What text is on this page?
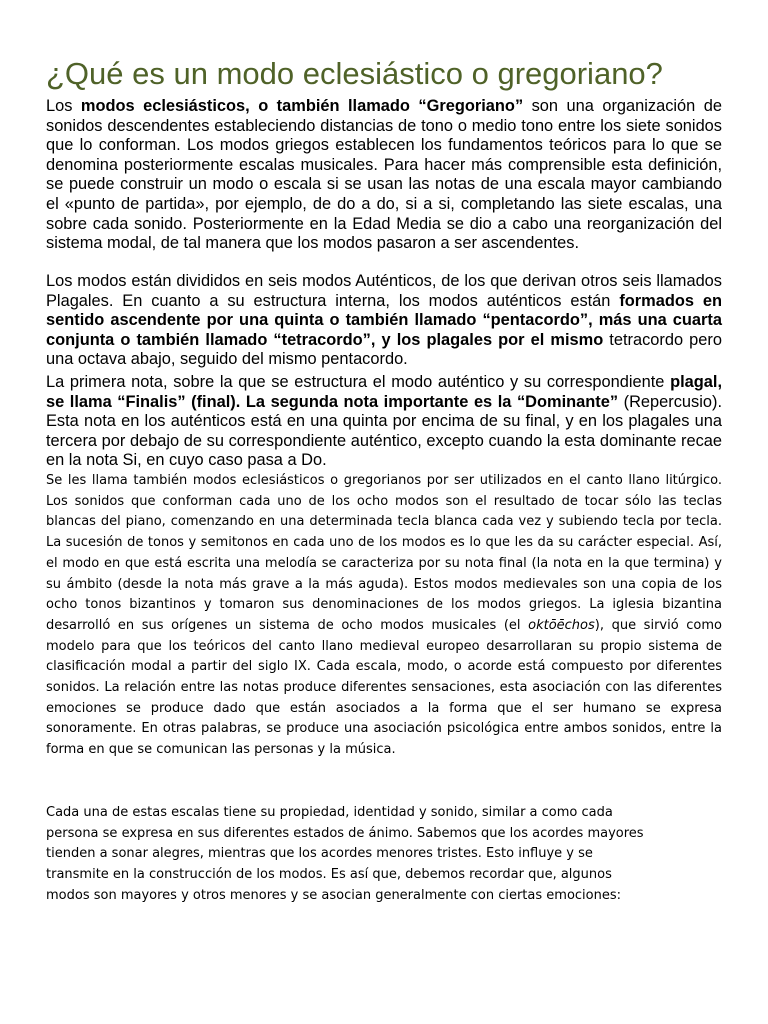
¿Qué es un modo eclesiástico o gregoriano?

Los modos eclesiásticos, o también llamado “Gregoriano” son una organización de sonidos descendentes estableciendo distancias de tono o medio tono entre los siete sonidos que lo conforman. Los modos griegos establecen los fundamentos teóricos para lo que se denomina posteriormente escalas musicales. Para hacer más comprensible esta definición, se puede construir un modo o escala si se usan las notas de una escala mayor cambiando el «punto de partida», por ejemplo, de do a do, si a si, completando las siete escalas, una sobre cada sonido. Posteriormente en la Edad Media se dio a cabo una reorganización del sistema modal, de tal manera que los modos pasaron a ser ascendentes.

Los modos están divididos en seis modos Auténticos, de los que derivan otros seis llamados Plagales. En cuanto a su estructura interna, los modos auténticos están formados en sentido ascendente por una quinta o también llamado “pentacordo”, más una cuarta conjunta o también llamado “tetracordo”, y los plagales por el mismo tetracordo pero una octava abajo, seguido del mismo pentacordo.

La primera nota, sobre la que se estructura el modo auténtico y su correspondiente plagal, se llama “Finalis” (final). La segunda nota importante es la “Dominante” (Repercusio). Esta nota en los auténticos está en una quinta por encima de su final, y en los plagales una tercera por debajo de su correspondiente auténtico, excepto cuando la esta dominante recae en la nota Si, en cuyo caso pasa a Do.

Se les llama también modos eclesiásticos o gregorianos por ser utilizados en el canto llano litúrgico. Los sonidos que conforman cada uno de los ocho modos son el resultado de tocar sólo las teclas blancas del piano, comenzando en una determinada tecla blanca cada vez y subiendo tecla por tecla. La sucesión de tonos y semitonos en cada uno de los modos es lo que les da su carácter especial. Así, el modo en que está escrita una melodía se caracteriza por su nota final (la nota en la que termina) y su ámbito (desde la nota más grave a la más aguda). Estos modos medievales son una copia de los ocho tonos bizantinos y tomaron sus denominaciones de los modos griegos. La iglesia bizantina desarrolló en sus orígenes un sistema de ocho modos musicales (el oktōēchos), que sirvió como modelo para que los teóricos del canto llano medieval europeo desarrollaran su propio sistema de clasificación modal a partir del siglo IX. Cada escala, modo, o acorde está compuesto por diferentes sonidos. La relación entre las notas produce diferentes sensaciones, esta asociación con las diferentes emociones se produce dado que están asociados a la forma que el ser humano se expresa sonoramente. En otras palabras, se produce una asociación psicológica entre ambos sonidos, entre la forma en que se comunican las personas y la música.

Cada una de estas escalas tiene su propiedad, identidad y sonido, similar a como cada
persona se expresa en sus diferentes estados de ánimo. Sabemos que los acordes mayores
tienden a sonar alegres, mientras que los acordes menores tristes. Esto influye y se
transmite en la construcción de los modos. Es así que, debemos recordar que, algunos
modos son mayores y otros menores y se asocian generalmente con ciertas emociones:
